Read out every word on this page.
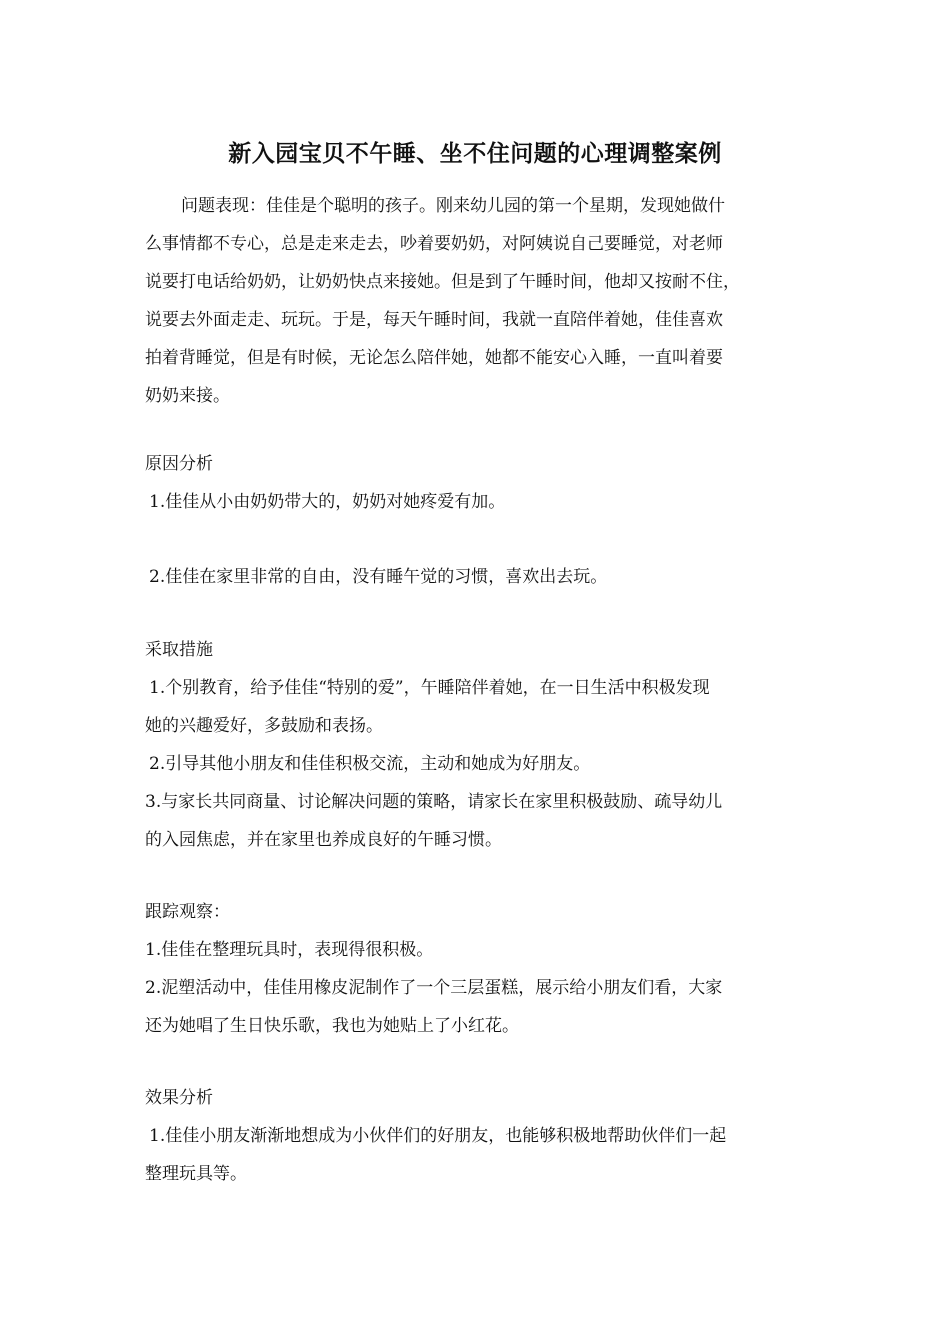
新入园宝贝不午睡、坐不住问题的心理调整案例
问题表现：佳佳是个聪明的孩子。刚来幼儿园的第一个星期，发现她做什
么事情都不专心，总是走来走去，吵着要奶奶，对阿姨说自己要睡觉，对老师
说要打电话给奶奶，让奶奶快点来接她。但是到了午睡时间，他却又按耐不住，
说要去外面走走、玩玩。于是，每天午睡时间，我就一直陪伴着她，佳佳喜欢
拍着背睡觉，但是有时候，无论怎么陪伴她，她都不能安心入睡，一直叫着要
奶奶来接。
原因分析
1.佳佳从小由奶奶带大的，奶奶对她疼爱有加。
2.佳佳在家里非常的自由，没有睡午觉的习惯，喜欢出去玩。
采取措施
1.个别教育，给予佳佳“特别的爱”，午睡陪伴着她，在一日生活中积极发现
她的兴趣爱好，多鼓励和表扬。
2.引导其他小朋友和佳佳积极交流，主动和她成为好朋友。
3.与家长共同商量、讨论解决问题的策略，请家长在家里积极鼓励、疏导幼儿
的入园焦虑，并在家里也养成良好的午睡习惯。
跟踪观察：
1.佳佳在整理玩具时，表现得很积极。
2.泥塑活动中，佳佳用橡皮泥制作了一个三层蛋糕，展示给小朋友们看，大家
还为她唱了生日快乐歌，我也为她贴上了小红花。
效果分析
1.佳佳小朋友渐渐地想成为小伙伴们的好朋友，也能够积极地帮助伙伴们一起
整理玩具等。
